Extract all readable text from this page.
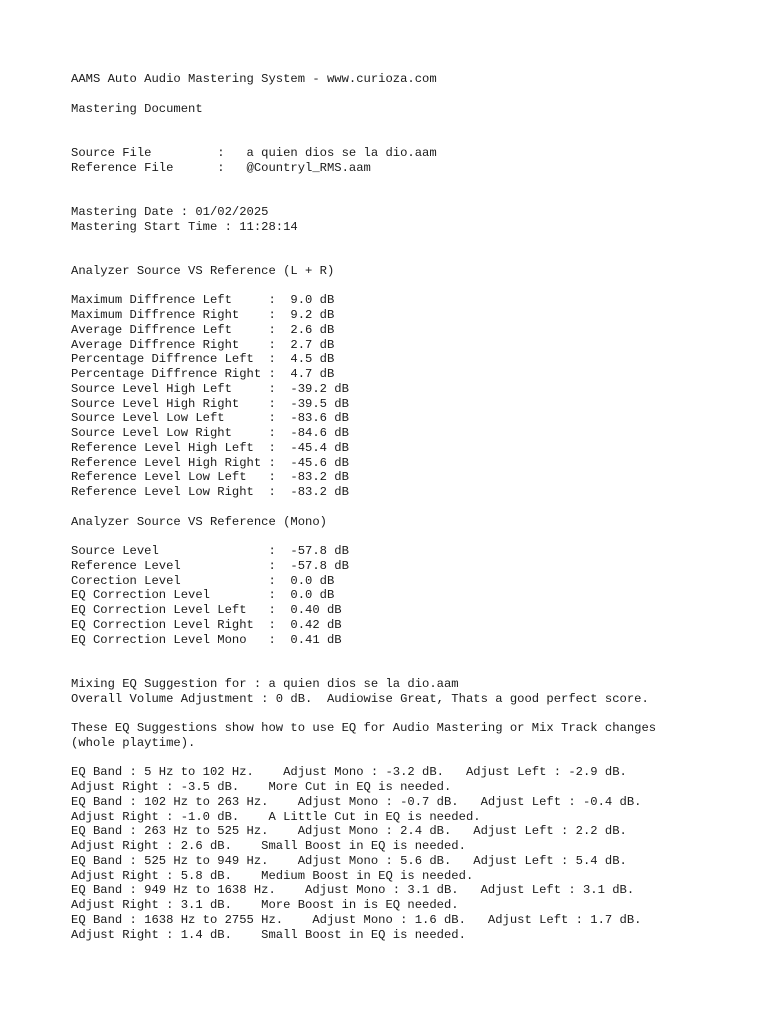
AAMS Auto Audio Mastering System - www.curioza.com
Mastering Document
Source File         :   a quien dios se la dio.aam
Reference File      :   @Countryl_RMS.aam
Mastering Date : 01/02/2025
Mastering Start Time : 11:28:14
Analyzer Source VS Reference (L + R)
Maximum Diffrence Left     :  9.0 dB
Maximum Diffrence Right    :  9.2 dB
Average Diffrence Left     :  2.6 dB
Average Diffrence Right    :  2.7 dB
Percentage Diffrence Left  :  4.5 dB
Percentage Diffrence Right :  4.7 dB
Source Level High Left     :  -39.2 dB
Source Level High Right    :  -39.5 dB
Source Level Low Left      :  -83.6 dB
Source Level Low Right     :  -84.6 dB
Reference Level High Left  :  -45.4 dB
Reference Level High Right :  -45.6 dB
Reference Level Low Left   :  -83.2 dB
Reference Level Low Right  :  -83.2 dB
Analyzer Source VS Reference (Mono)
Source Level               :  -57.8 dB
Reference Level            :  -57.8 dB
Corection Level            :  0.0 dB
EQ Correction Level        :  0.0 dB
EQ Correction Level Left   :  0.40 dB
EQ Correction Level Right  :  0.42 dB
EQ Correction Level Mono   :  0.41 dB
Mixing EQ Suggestion for : a quien dios se la dio.aam
Overall Volume Adjustment : 0 dB.  Audiowise Great, Thats a good perfect score.
These EQ Suggestions show how to use EQ for Audio Mastering or Mix Track changes
(whole playtime).
EQ Band : 5 Hz to 102 Hz.    Adjust Mono : -3.2 dB.   Adjust Left : -2.9 dB.
Adjust Right : -3.5 dB.    More Cut in EQ is needed.
EQ Band : 102 Hz to 263 Hz.    Adjust Mono : -0.7 dB.   Adjust Left : -0.4 dB.
Adjust Right : -1.0 dB.    A Little Cut in EQ is needed.
EQ Band : 263 Hz to 525 Hz.    Adjust Mono : 2.4 dB.   Adjust Left : 2.2 dB.
Adjust Right : 2.6 dB.    Small Boost in EQ is needed.
EQ Band : 525 Hz to 949 Hz.    Adjust Mono : 5.6 dB.   Adjust Left : 5.4 dB.
Adjust Right : 5.8 dB.    Medium Boost in EQ is needed.
EQ Band : 949 Hz to 1638 Hz.    Adjust Mono : 3.1 dB.   Adjust Left : 3.1 dB.
Adjust Right : 3.1 dB.    More Boost in is EQ needed.
EQ Band : 1638 Hz to 2755 Hz.    Adjust Mono : 1.6 dB.   Adjust Left : 1.7 dB.
Adjust Right : 1.4 dB.    Small Boost in EQ is needed.
